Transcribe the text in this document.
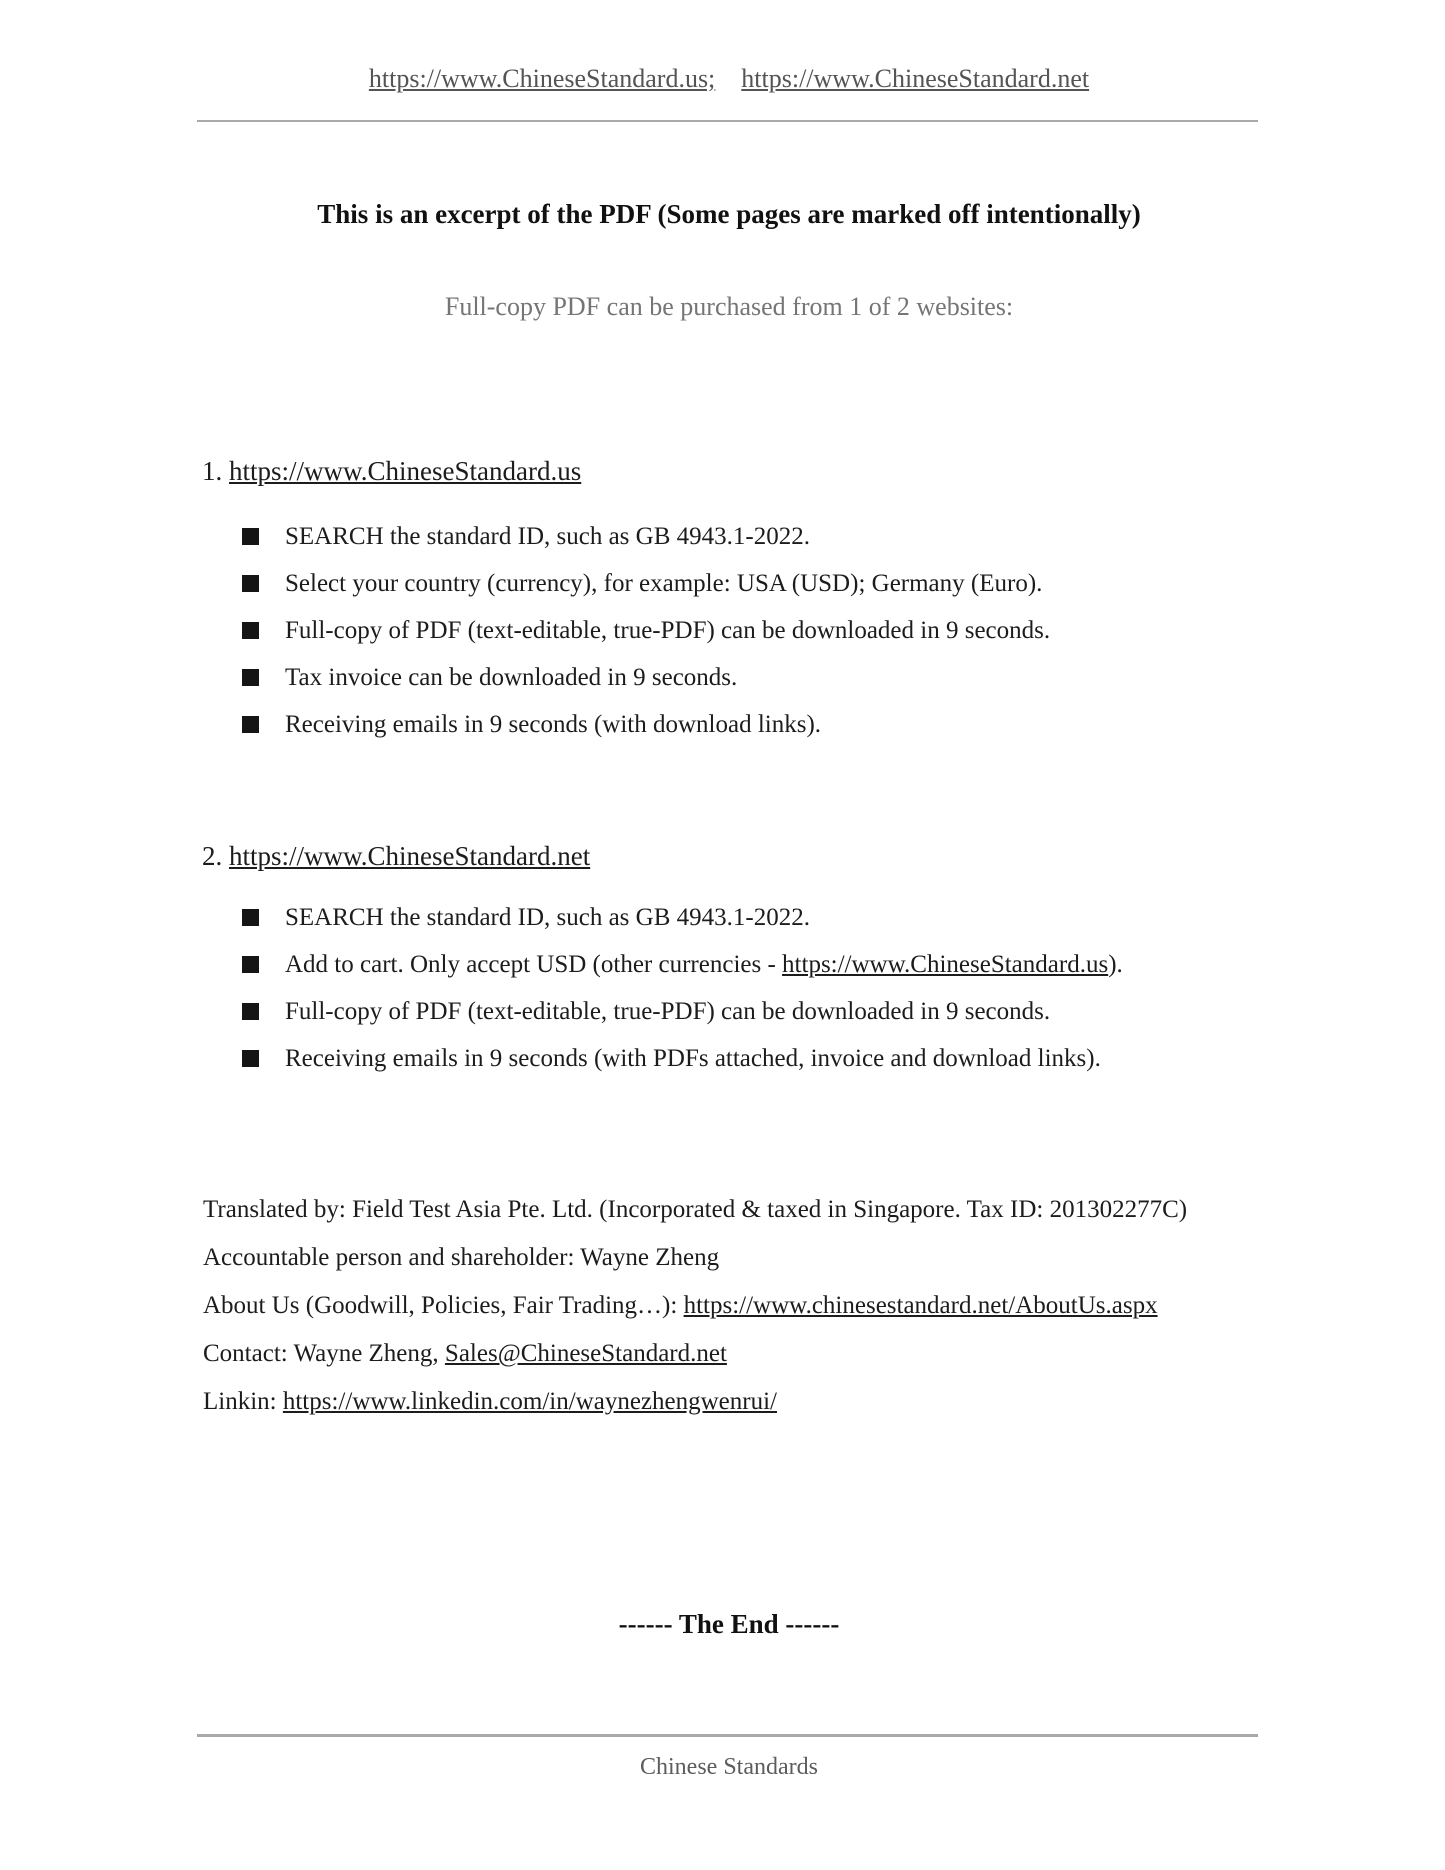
https://www.ChineseStandard.us; https://www.ChineseStandard.net
This is an excerpt of the PDF (Some pages are marked off intentionally)
Full-copy PDF can be purchased from 1 of 2 websites:
1. https://www.ChineseStandard.us
SEARCH the standard ID, such as GB 4943.1-2022.
Select your country (currency), for example: USA (USD); Germany (Euro).
Full-copy of PDF (text-editable, true-PDF) can be downloaded in 9 seconds.
Tax invoice can be downloaded in 9 seconds.
Receiving emails in 9 seconds (with download links).
2. https://www.ChineseStandard.net
SEARCH the standard ID, such as GB 4943.1-2022.
Add to cart. Only accept USD (other currencies - https://www.ChineseStandard.us).
Full-copy of PDF (text-editable, true-PDF) can be downloaded in 9 seconds.
Receiving emails in 9 seconds (with PDFs attached, invoice and download links).
Translated by: Field Test Asia Pte. Ltd. (Incorporated & taxed in Singapore. Tax ID: 201302277C)
Accountable person and shareholder: Wayne Zheng
About Us (Goodwill, Policies, Fair Trading…): https://www.chinesestandard.net/AboutUs.aspx
Contact: Wayne Zheng, Sales@ChineseStandard.net
Linkin: https://www.linkedin.com/in/waynezhengwenrui/
------ The End ------
Chinese Standards
